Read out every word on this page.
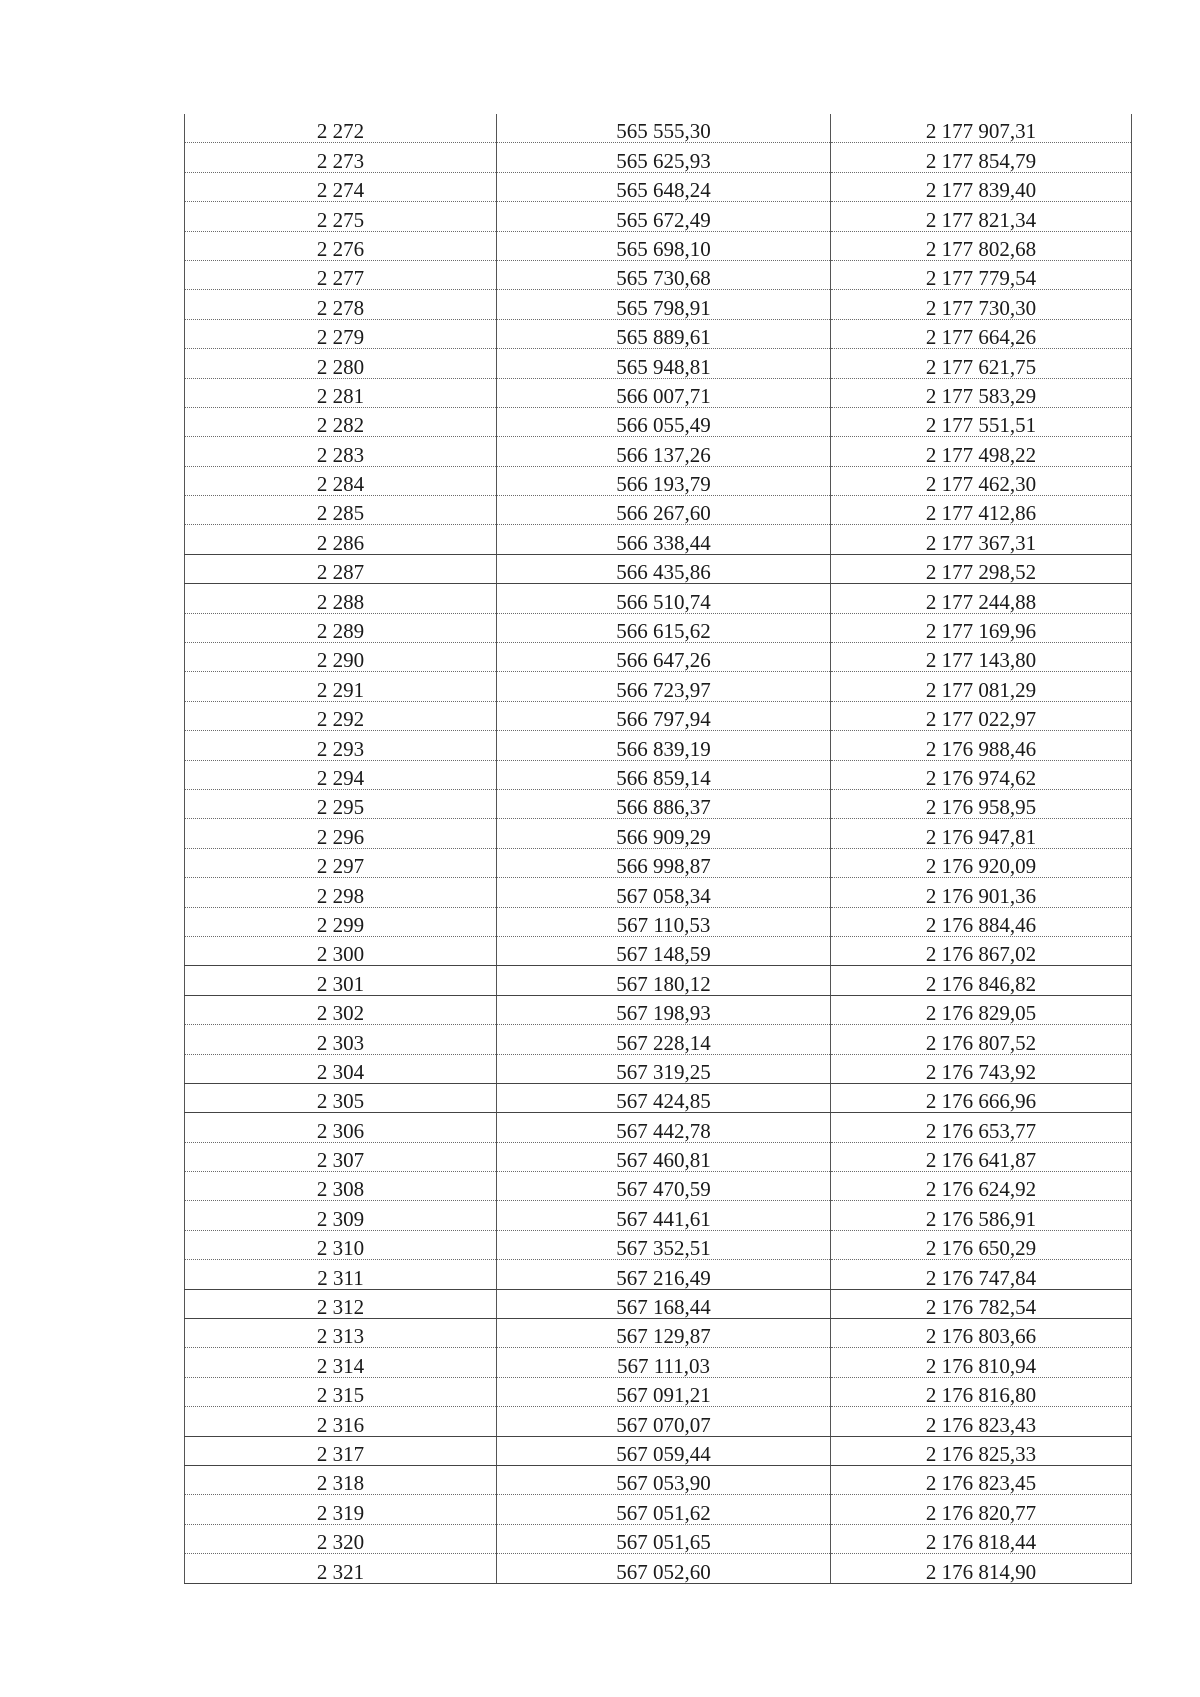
2 272	565 555,30	2 177 907,31
2 273	565 625,93	2 177 854,79
2 274	565 648,24	2 177 839,40
2 275	565 672,49	2 177 821,34
2 276	565 698,10	2 177 802,68
2 277	565 730,68	2 177 779,54
2 278	565 798,91	2 177 730,30
2 279	565 889,61	2 177 664,26
2 280	565 948,81	2 177 621,75
2 281	566 007,71	2 177 583,29
2 282	566 055,49	2 177 551,51
2 283	566 137,26	2 177 498,22
2 284	566 193,79	2 177 462,30
2 285	566 267,60	2 177 412,86
2 286	566 338,44	2 177 367,31
2 287	566 435,86	2 177 298,52
2 288	566 510,74	2 177 244,88
2 289	566 615,62	2 177 169,96
2 290	566 647,26	2 177 143,80
2 291	566 723,97	2 177 081,29
2 292	566 797,94	2 177 022,97
2 293	566 839,19	2 176 988,46
2 294	566 859,14	2 176 974,62
2 295	566 886,37	2 176 958,95
2 296	566 909,29	2 176 947,81
2 297	566 998,87	2 176 920,09
2 298	567 058,34	2 176 901,36
2 299	567 110,53	2 176 884,46
2 300	567 148,59	2 176 867,02
2 301	567 180,12	2 176 846,82
2 302	567 198,93	2 176 829,05
2 303	567 228,14	2 176 807,52
2 304	567 319,25	2 176 743,92
2 305	567 424,85	2 176 666,96
2 306	567 442,78	2 176 653,77
2 307	567 460,81	2 176 641,87
2 308	567 470,59	2 176 624,92
2 309	567 441,61	2 176 586,91
2 310	567 352,51	2 176 650,29
2 311	567 216,49	2 176 747,84
2 312	567 168,44	2 176 782,54
2 313	567 129,87	2 176 803,66
2 314	567 111,03	2 176 810,94
2 315	567 091,21	2 176 816,80
2 316	567 070,07	2 176 823,43
2 317	567 059,44	2 176 825,33
2 318	567 053,90	2 176 823,45
2 319	567 051,62	2 176 820,77
2 320	567 051,65	2 176 818,44
2 321	567 052,60	2 176 814,90
